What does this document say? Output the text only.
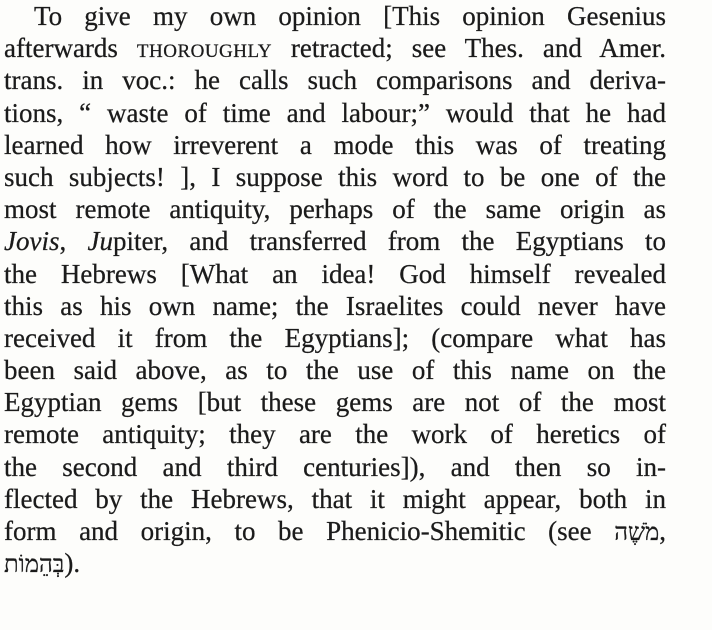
To give my own opinion [This opinion Gesenius
afterwards THOROUGHLY retracted; see Thes. and Amer.
trans. in voc.: he calls such comparisons and deriva-
tions, “ waste of time and labour;” would that he had
learned how irreverent a mode this was of treating
such subjects! ], I suppose this word to be one of the
most remote antiquity, perhaps of the same origin as
Jovis, Jupiter, and transferred from the Egyptians to
the Hebrews [What an idea! God himself revealed
this as his own name; the Israelites could never have
received it from the Egyptians]; (compare what has
been said above, as to the use of this name on the
Egyptian gems [but these gems are not of the most
remote antiquity; they are the work of heretics of
the second and third centuries]), and then so in-
flected by the Hebrews, that it might appear, both in
form and origin, to be Phenicio-Shemitic (see מֹשֶׁה,
בְּהֵמוֹת).
